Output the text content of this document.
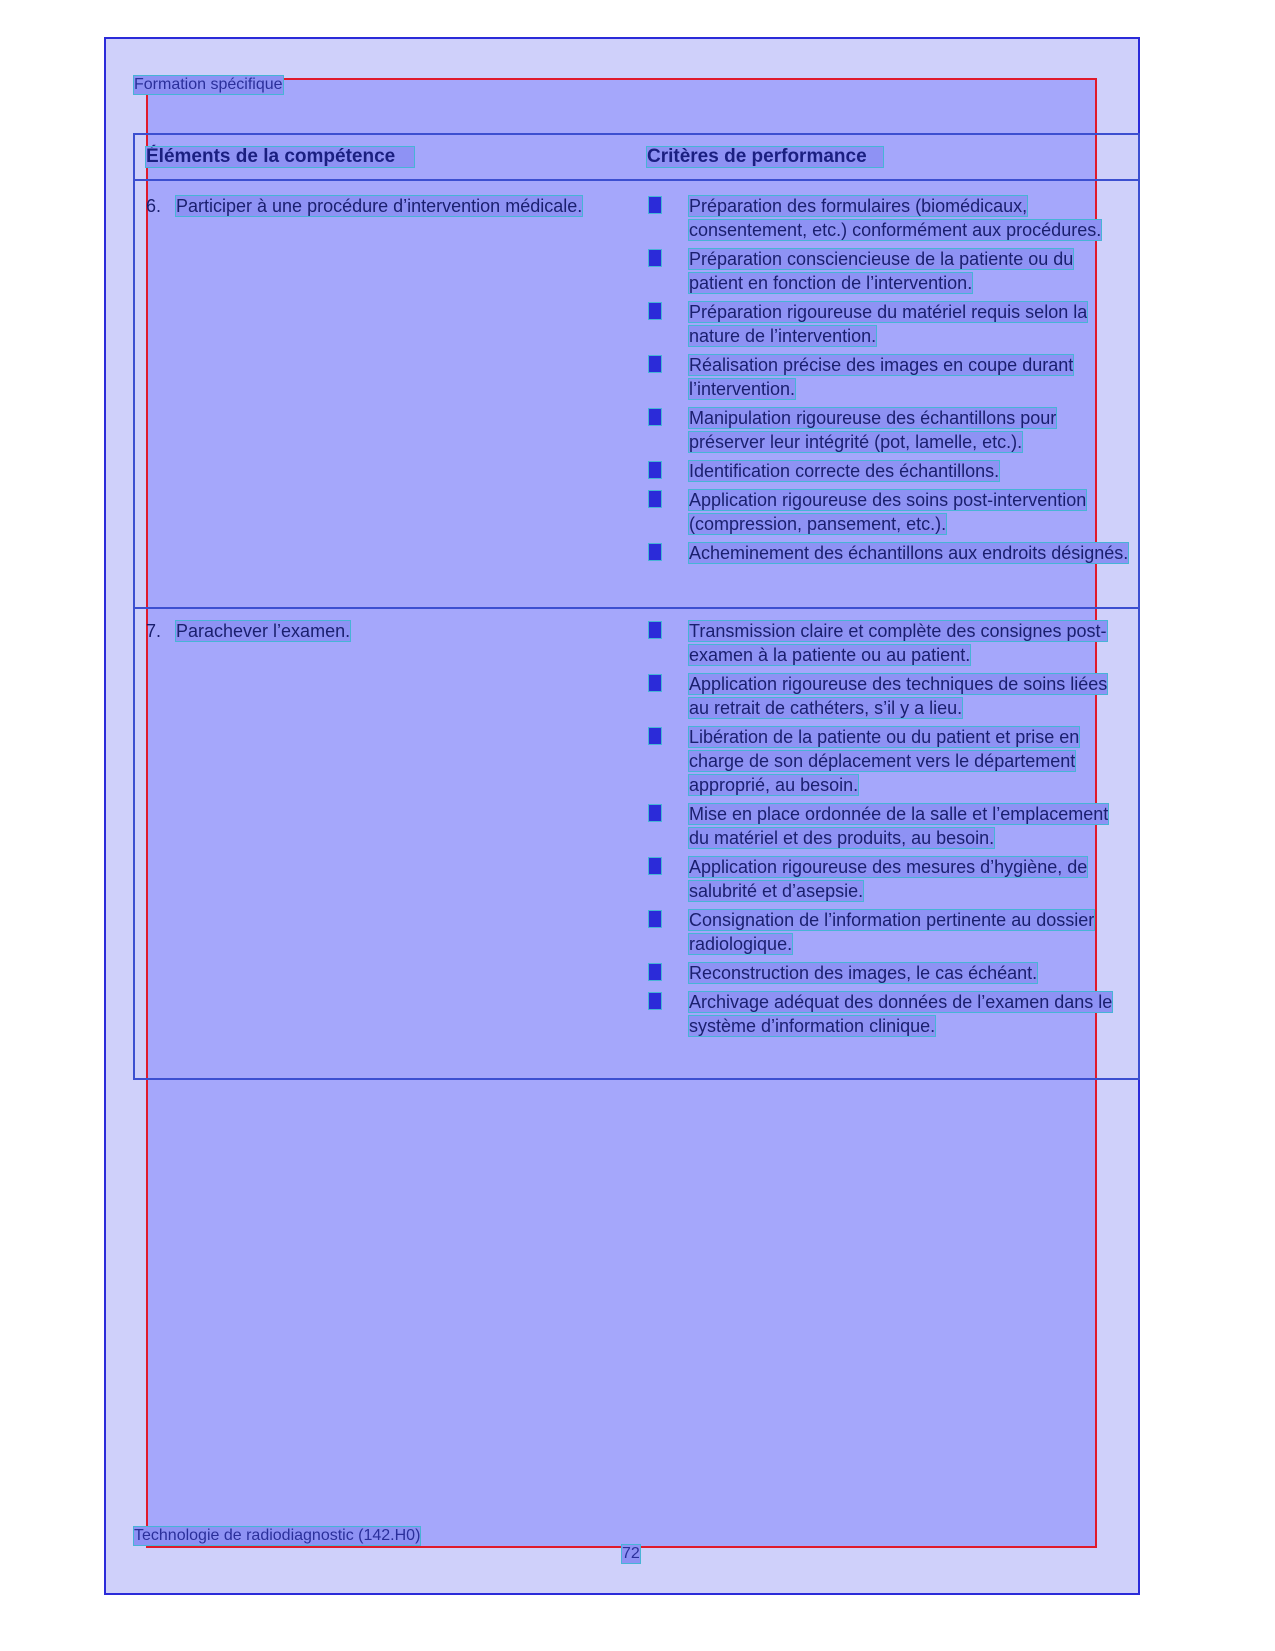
Formation spécifique
Éléments de la compétence	Critères de performance
6. Participer à une procédure d’intervention médicale.	Préparation des formulaires (biomédicaux, consentement, etc.) conformément aux procédures.
Préparation consciencieuse de la patiente ou du patient en fonction de l’intervention.
Préparation rigoureuse du matériel requis selon la nature de l’intervention.
Réalisation précise des images en coupe durant l’intervention.
Manipulation rigoureuse des échantillons pour préserver leur intégrité (pot, lamelle, etc.).
Identification correcte des échantillons.
Application rigoureuse des soins post-intervention (compression, pansement, etc.).
Acheminement des échantillons aux endroits désignés.
7. Parachever l’examen.	Transmission claire et complète des consignes post-examen à la patiente ou au patient.
Application rigoureuse des techniques de soins liées au retrait de cathéters, s’il y a lieu.
Libération de la patiente ou du patient et prise en charge de son déplacement vers le département approprié, au besoin.
Mise en place ordonnée de la salle et l’emplacement du matériel et des produits, au besoin.
Application rigoureuse des mesures d’hygiène, de salubrité et d’asepsie.
Consignation de l’information pertinente au dossier radiologique.
Reconstruction des images, le cas échéant.
Archivage adéquat des données de l’examen dans le système d’information clinique.
Technologie de radiodiagnostic (142.H0)
72
